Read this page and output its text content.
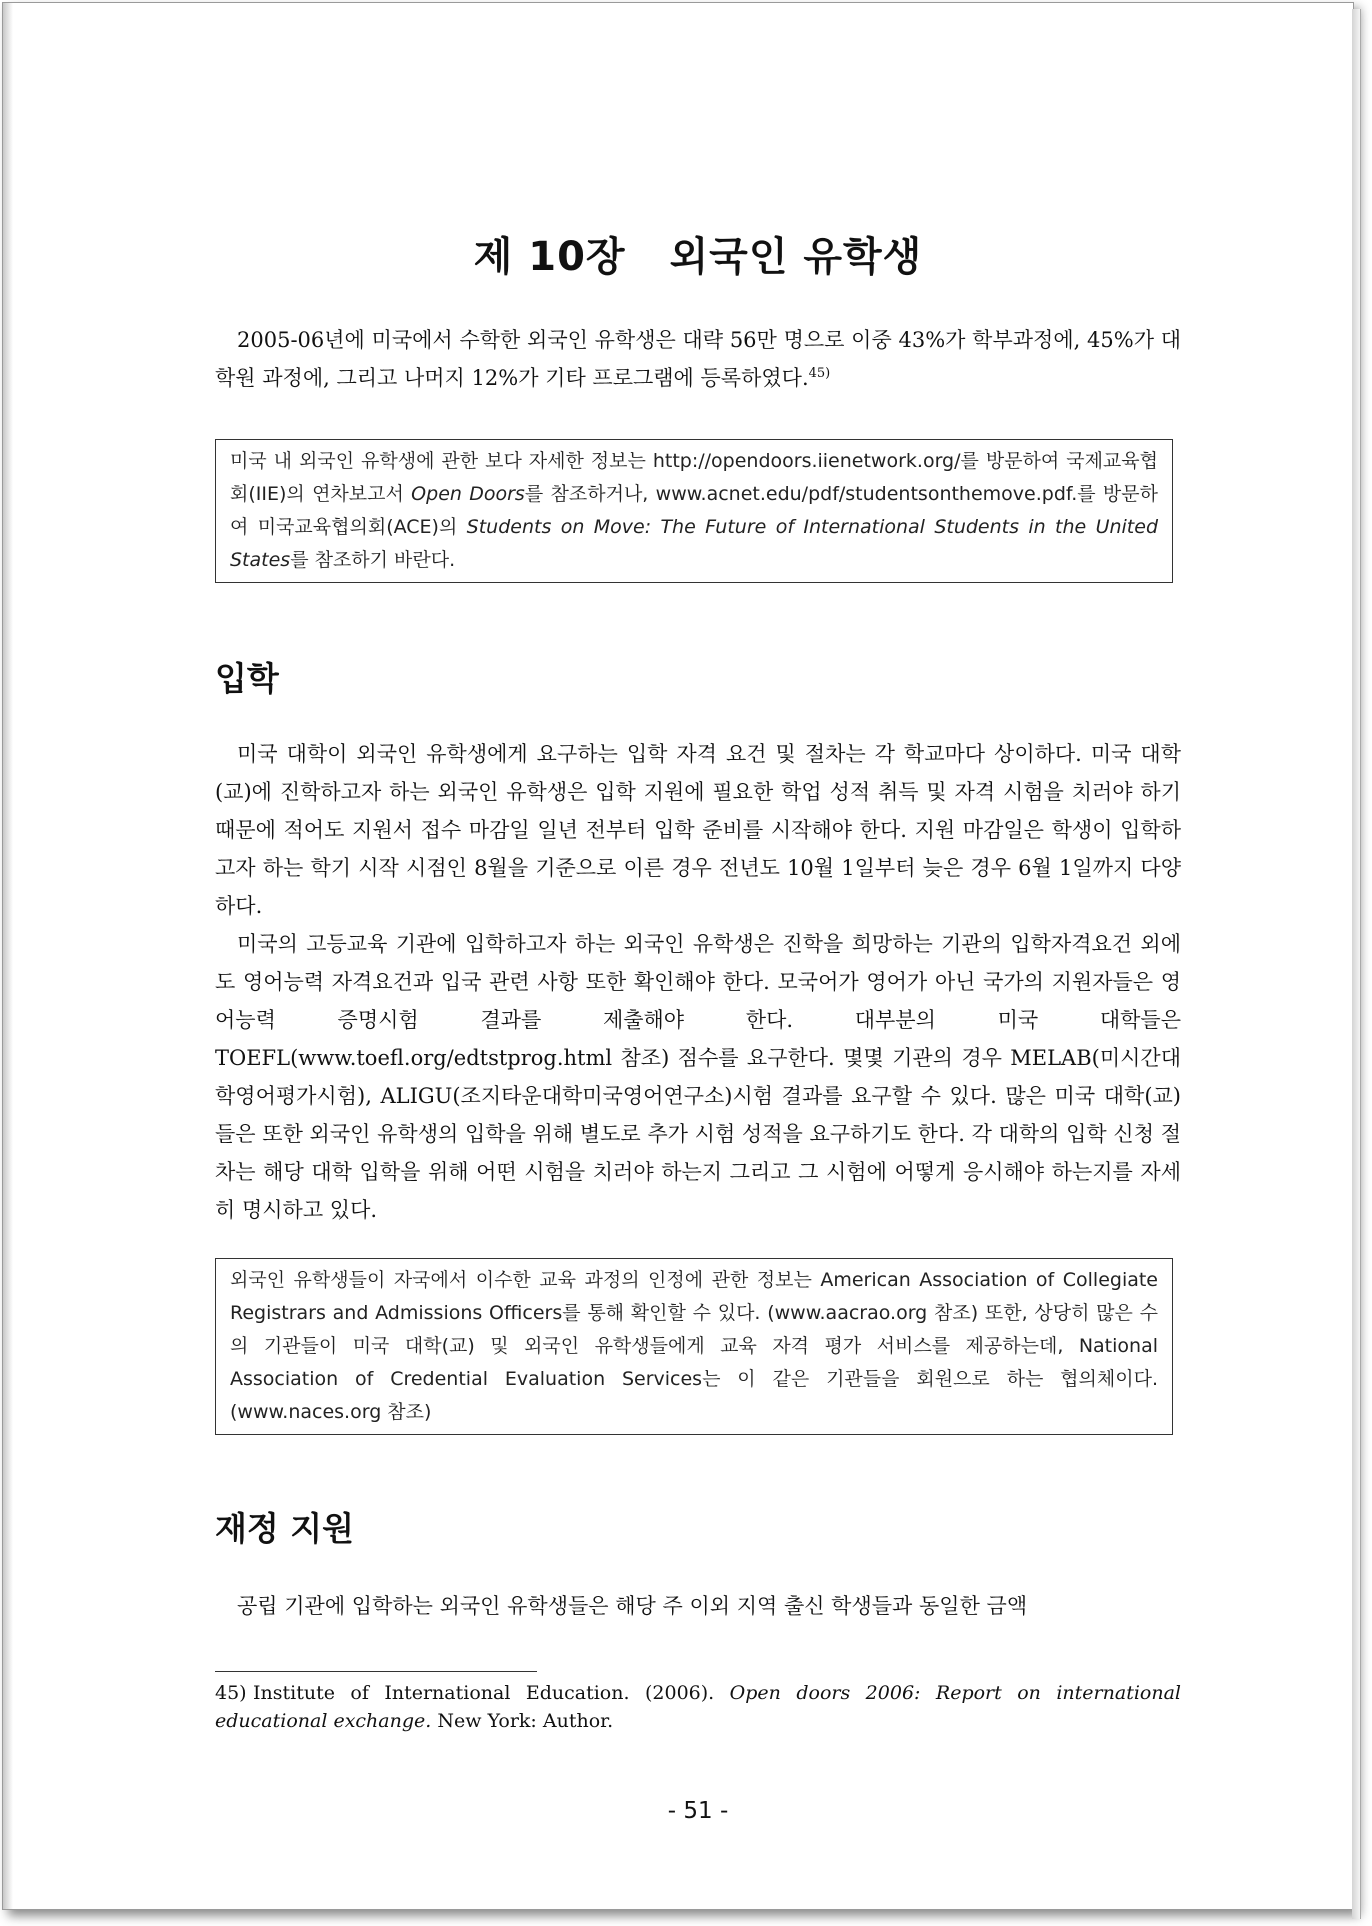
제 10장 외국인 유학생

2005-06년에 미국에서 수학한 외국인 유학생은 대략 56만 명으로 이중 43%가 학부과정에, 45%가 대학원 과정에, 그리고 나머지 12%가 기타 프로그램에 등록하였다.$^{45)}$

미국 내 외국인 유학생에 관한 보다 자세한 정보는 http://opendoors.iienetwork.org/를 방문하여 국제교육협회(IIE)의 연차보고서 Open Doors를 참조하거나, www.acnet.edu/pdf/studentsonthemove.pdf.를 방문하여 미국교육협의회(ACE)의 Students on Move: The Future of International Students in the United States를 참조하기 바란다.
입학

미국 대학이 외국인 유학생에게 요구하는 입학 자격 요건 및 절차는 각 학교마다 상이하다. 미국 대학(교)에 진학하고자 하는 외국인 유학생은 입학 지원에 필요한 학업 성적 취득 및 자격 시험을 치러야 하기 때문에 적어도 지원서 접수 마감일 일년 전부터 입학 준비를 시작해야 한다. 지원 마감일은 학생이 입학하고자 하는 학기 시작 시점인 8월을 기준으로 이른 경우 전년도 10월 1일부터 늦은 경우 6월 1일까지 다양하다.

미국의 고등교육 기관에 입학하고자 하는 외국인 유학생은 진학을 희망하는 기관의 입학자격요건 외에도 영어능력 자격요건과 입국 관련 사항 또한 확인해야 한다. 모국어가 영어가 아닌 국가의 지원자들은 영어능력 증명시험 결과를 제출해야 한다. 대부분의 미국 대학들은 TOEFL(www.toefl.org/edtstprog.html 참조) 점수를 요구한다. 몇몇 기관의 경우 MELAB(미시간대학영어평가시험), ALIGU(조지타운대학미국영어연구소)시험 결과를 요구할 수 있다. 많은 미국 대학(교)들은 또한 외국인 유학생의 입학을 위해 별도로 추가 시험 성적을 요구하기도 한다. 각 대학의 입학 신청 절차는 해당 대학 입학을 위해 어떤 시험을 치러야 하는지 그리고 그 시험에 어떻게 응시해야 하는지를 자세히 명시하고 있다.

외국인 유학생들이 자국에서 이수한 교육 과정의 인정에 관한 정보는 American Association of Collegiate Registrars and Admissions Officers를 통해 확인할 수 있다. (www.aacrao.org 참조) 또한, 상당히 많은 수의 기관들이 미국 대학(교) 및 외국인 유학생들에게 교육 자격 평가 서비스를 제공하는데, National Association of Credential Evaluation Services는 이 같은 기관들을 회원으로 하는 협의체이다. (www.naces.org 참조)
재정 지원

공립 기관에 입학하는 외국인 유학생들은 해당 주 이외 지역 출신 학생들과 동일한 금액

45) Institute of International Education. (2006). Open doors 2006: Report on international educational exchange. New York: Author.
- 51 -
